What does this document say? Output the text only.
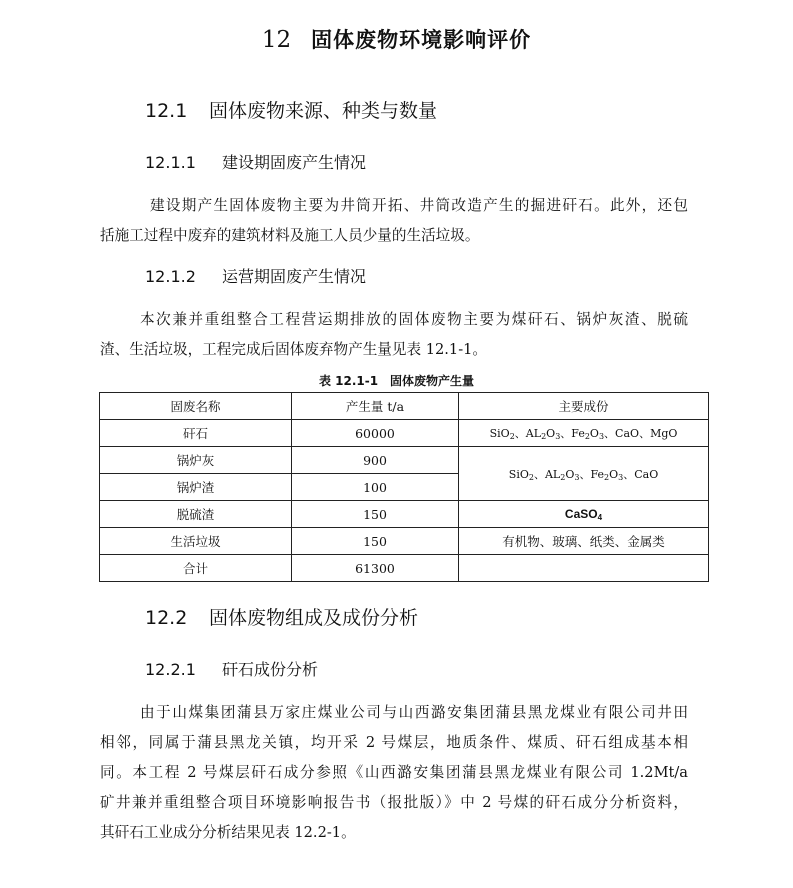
12 固体废物环境影响评价
12.1 固体废物来源、种类与数量
12.1.1 建设期固废产生情况
建设期产生固体废物主要为井筒开拓、井筒改造产生的掘进矸石。此外，还包
括施工过程中废弃的建筑材料及施工人员少量的生活垃圾。
12.1.2 运营期固废产生情况
本次兼并重组整合工程营运期排放的固体废物主要为煤矸石、锅炉灰渣、脱硫
渣、生活垃圾，工程完成后固体废弃物产生量见表 12.1-1。
表 12.1-1　固体废物产生量
固废名称	产生量 t/a	主要成份
矸石	60000	SiO$_2$、$AL_2O_3$、$Fe_2O_3$、CaO、MgO
锅炉灰	900	SiO$_2$、$AL_2O_3$、$Fe_2O_3$、CaO
锅炉渣	100	
脱硫渣	150	CaSO$_4$
生活垃圾	150	有机物、玻璃、纸类、金属类
合计	61300	
12.2 固体废物组成及成份分析
12.2.1 矸石成份分析
由于山煤集团蒲县万家庄煤业公司与山西潞安集团蒲县黑龙煤业有限公司井田
相邻，同属于蒲县黑龙关镇，均开采 2 号煤层，地质条件、煤质、矸石组成基本相
同。本工程 2 号煤层矸石成分参照《山西潞安集团蒲县黑龙煤业有限公司 1.2Mt/a
矿井兼并重组整合项目环境影响报告书（报批版）》中 2 号煤的矸石成分分析资料，
其矸石工业成分分析结果见表 12.2-1。
